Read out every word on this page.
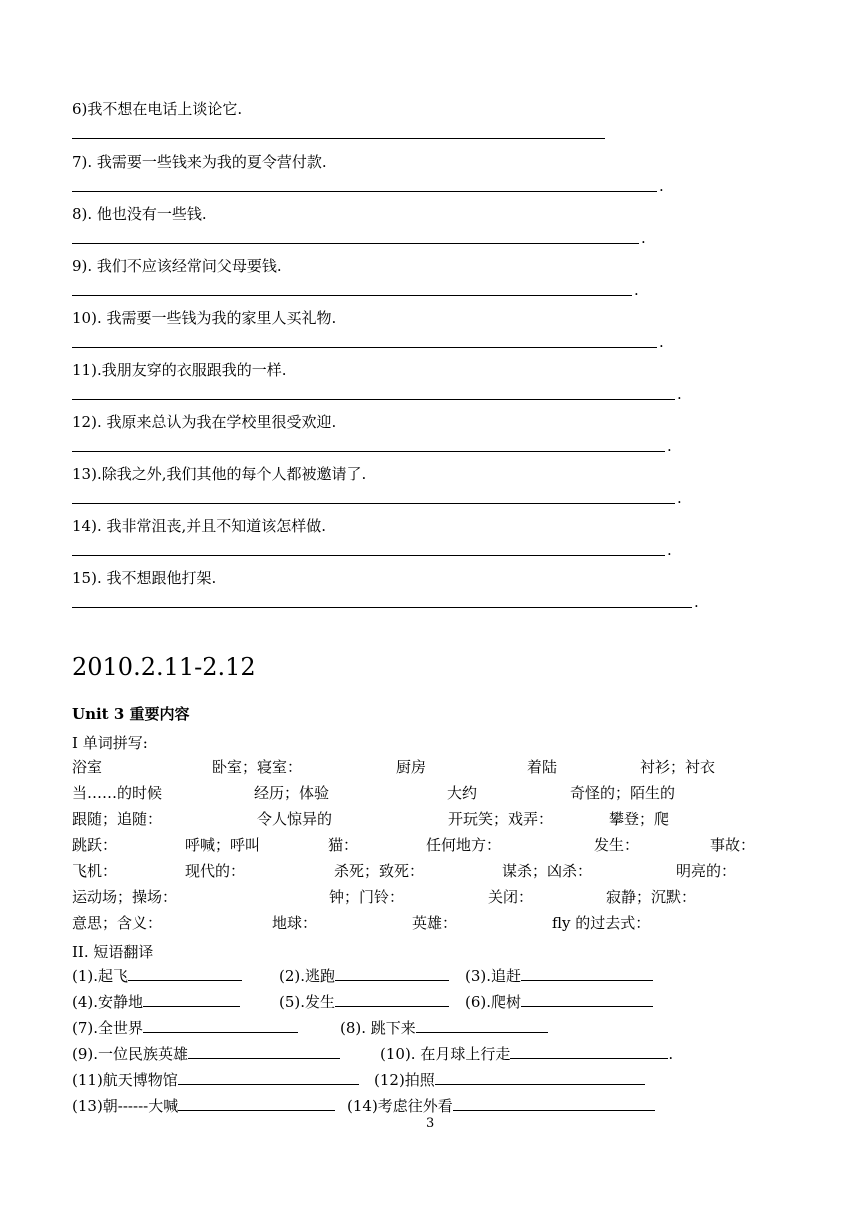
6)我不想在电话上谈论它.
7). 我需要一些钱来为我的夏令营付款.
.
8). 他也没有一些钱.
.
9). 我们不应该经常问父母要钱.
.
10). 我需要一些钱为我的家里人买礼物.
.
11).我朋友穿的衣服跟我的一样.
.
12). 我原来总认为我在学校里很受欢迎.
.
13).除我之外,我们其他的每个人都被邀请了.
.
14). 我非常沮丧,并且不知道该怎样做.
.
15). 我不想跟他打架.
.
2010.2.11-2.12
Unit 3 重要内容
I 单词拼写:
浴室	卧室；寝室：	厨房	着陆	衬衫；衬衣
当……的时候	经历；体验	大约	奇怪的；陌生的
跟随；追随：	令人惊异的	开玩笑；戏弄：	攀登；爬
跳跃：	呼喊；呼叫	猫：	任何地方：	发生：	事故：
飞机：	现代的：	杀死；致死：	谋杀；凶杀：	明亮的：
运动场；操场：	钟；门铃：	关闭：	寂静；沉默：
意思；含义：	地球：	英雄：	fly 的过去式：
II. 短语翻译
(1).起飞	(2).逃跑	(3).追赶
(4).安静地	(5).发生	(6).爬树
(7).全世界	(8). 跳下来
(9).一位民族英雄	(10). 在月球上行走	.
(11)航天博物馆	(12)拍照
(13)朝------大喊	(14)考虑往外看
3
